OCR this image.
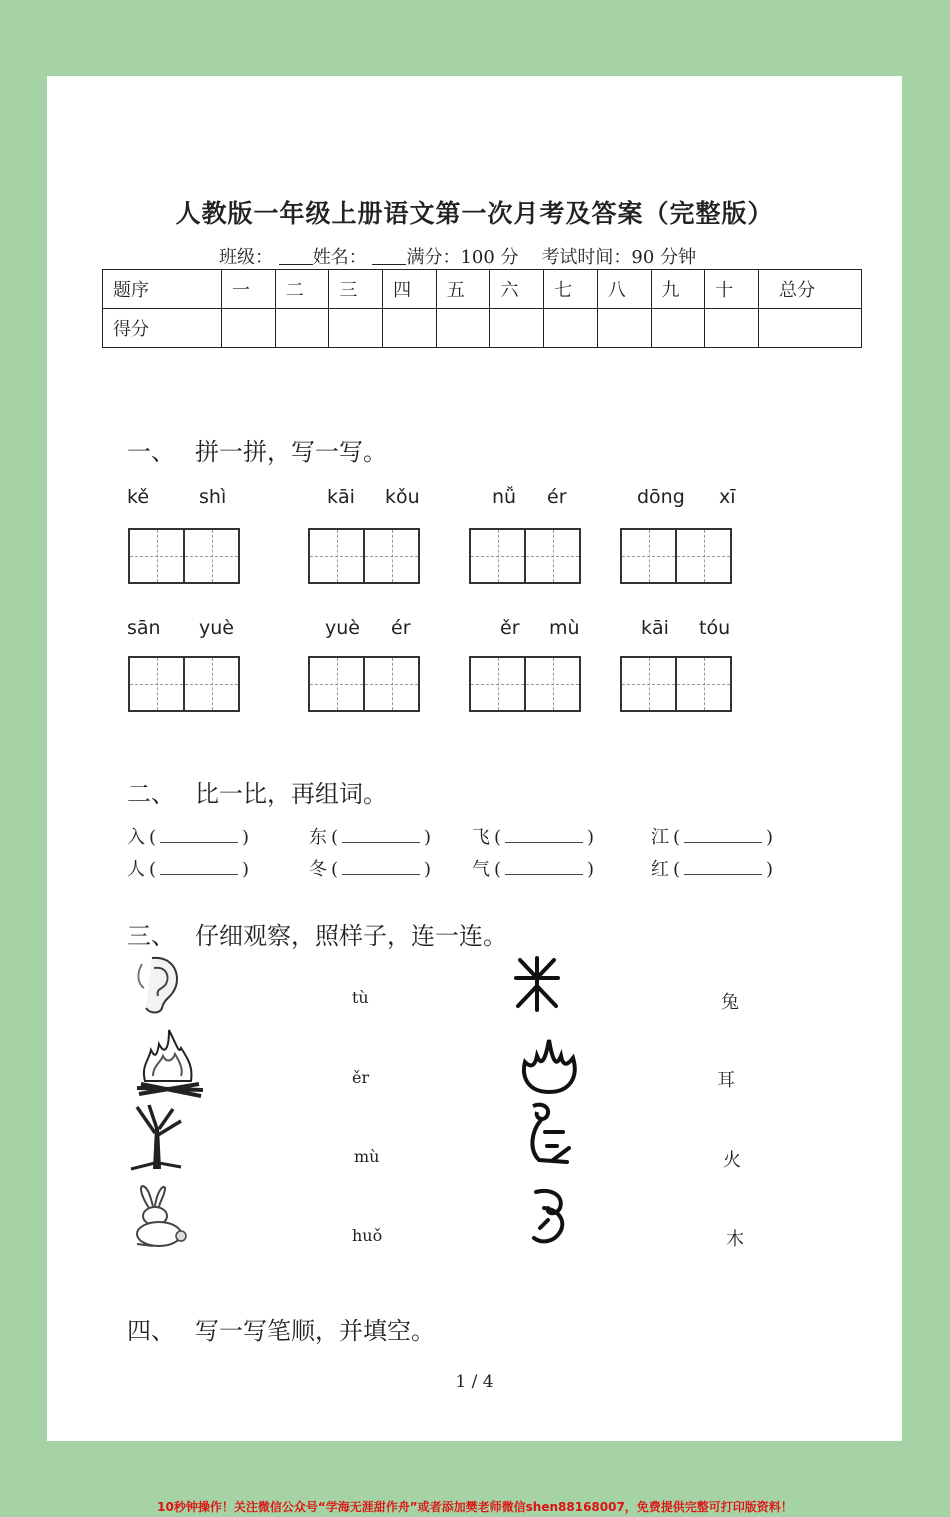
人教版一年级上册语文第一次月考及答案（完整版）
班级： 姓名： 满分：100 分 考试时间：90 分钟
题序	一	二	三	四	五	六	七	八	九	十	总分
得分											
一、 拼一拼，写一写。
kě	shì	kāi kǒu	nǚ ér	dōng xī
sān yuè	yuè ér	ěr mù	kāi tóu
二、 比一比，再组词。
入 (	)	东 (	) 飞 (	)	江 (	)
人 (	)	冬 (	) 气 (	)	红 (	)
三、 仔细观察，照样子，连一连。
tù
ěr
mù
huǒ
兔
耳
火
木
四、 写一写笔顺，并填空。
1 / 4
10秒钟操作！关注微信公众号“学海无涯甜作舟”或者添加樊老师微信shen88168007，免费提供完整可打印版资料！
